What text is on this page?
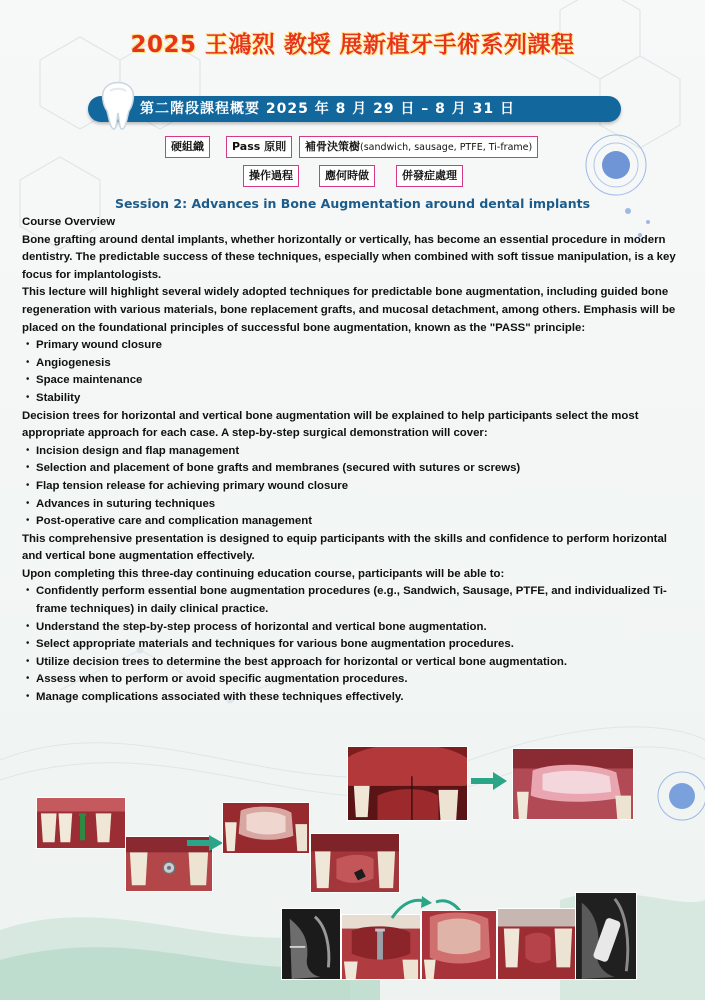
2025 王鴻烈 教授 展新植牙手術系列課程
第二階段課程概要 2025 年 8 月 29 日 – 8 月 31 日
硬組織	Pass 原則	補骨決策樹(sandwich, sausage, PTFE, Ti-frame)
操作過程	應何時做	併發症處理
Session 2: Advances in Bone Augmentation around dental implants
Course Overview

Bone grafting around dental implants, whether horizontally or vertically, has become an essential procedure in modern dentistry. The predictable success of these techniques, especially when combined with soft tissue manipulation, is a key focus for implantologists.

This lecture will highlight several widely adopted techniques for predictable bone augmentation, including guided bone regeneration with various materials, bone replacement grafts, and mucosal detachment, among others. Emphasis will be placed on the foundational principles of successful bone augmentation, known as the "PASS" principle:

・ Primary wound closure
・ Angiogenesis
・ Space maintenance
・ Stability

Decision trees for horizontal and vertical bone augmentation will be explained to help participants select the most appropriate approach for each case. A step-by-step surgical demonstration will cover:

・ Incision design and flap management
・ Selection and placement of bone grafts and membranes (secured with sutures or screws)
・ Flap tension release for achieving primary wound closure
・ Advances in suturing techniques
・ Post-operative care and complication management

This comprehensive presentation is designed to equip participants with the skills and confidence to perform horizontal and vertical bone augmentation effectively.

Upon completing this three-day continuing education course, participants will be able to:

・ Confidently perform essential bone augmentation procedures (e.g., Sandwich, Sausage, PTFE, and individualized Ti-frame techniques) in daily clinical practice.
・ Understand the step-by-step process of horizontal and vertical bone augmentation.
・ Select appropriate materials and techniques for various bone augmentation procedures.
・ Utilize decision trees to determine the best approach for horizontal or vertical bone augmentation.
・ Assess when to perform or avoid specific augmentation procedures.
・ Manage complications associated with these techniques effectively.
